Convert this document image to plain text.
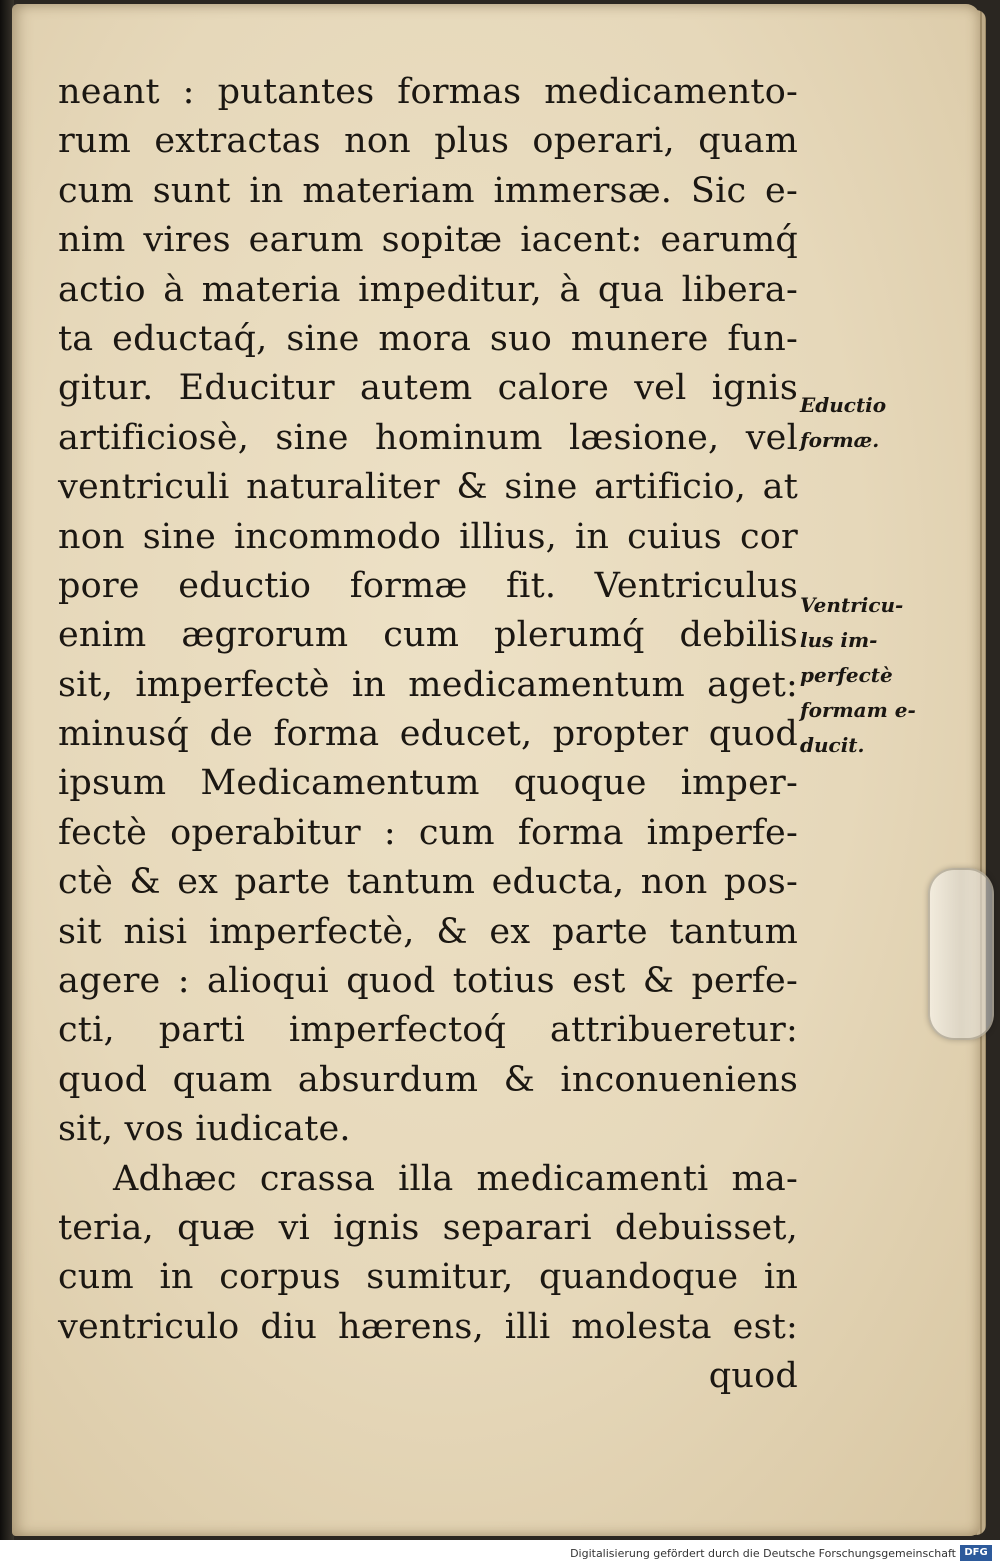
neant : putantes formas medicamento-
rum extractas non plus operari, quam
cum sunt in materiam immersæ. Sic e-
nim vires earum sopitæ iacent: earumq́
actio à materia impeditur, à qua libera-
ta eductaq́, sine mora suo munere fun-
gitur. Educitur autem calore vel ignis
artificiosè, sine hominum læsione, vel
ventriculi naturaliter & sine artificio, at
non sine incommodo illius, in cuius cor
pore eductio formæ fit. Ventriculus
enim ægrorum cum plerumq́ debilis
sit, imperfectè in medicamentum aget:
minusq́ de forma educet, propter quod
ipsum Medicamentum quoque imper-
fectè operabitur : cum forma imperfe-
ctè & ex parte tantum educta, non pos-
sit nisi imperfectè, & ex parte tantum
agere : alioqui quod totius est & perfe-
cti, parti imperfectoq́ attribueretur:
quod quam absurdum & inconueniens
sit, vos iudicate.
Adhæc crassa illa medicamenti ma-
teria, quæ vi ignis separari debuisset,
cum in corpus sumitur, quandoque in
ventriculo diu hærens, illi molesta est:
quod
Eductio
formæ.
Ventricu-
lus im-
perfectè
formam e-
ducit.
Digitalisierung gefördert durch die Deutsche Forschungsgemeinschaft DFG
